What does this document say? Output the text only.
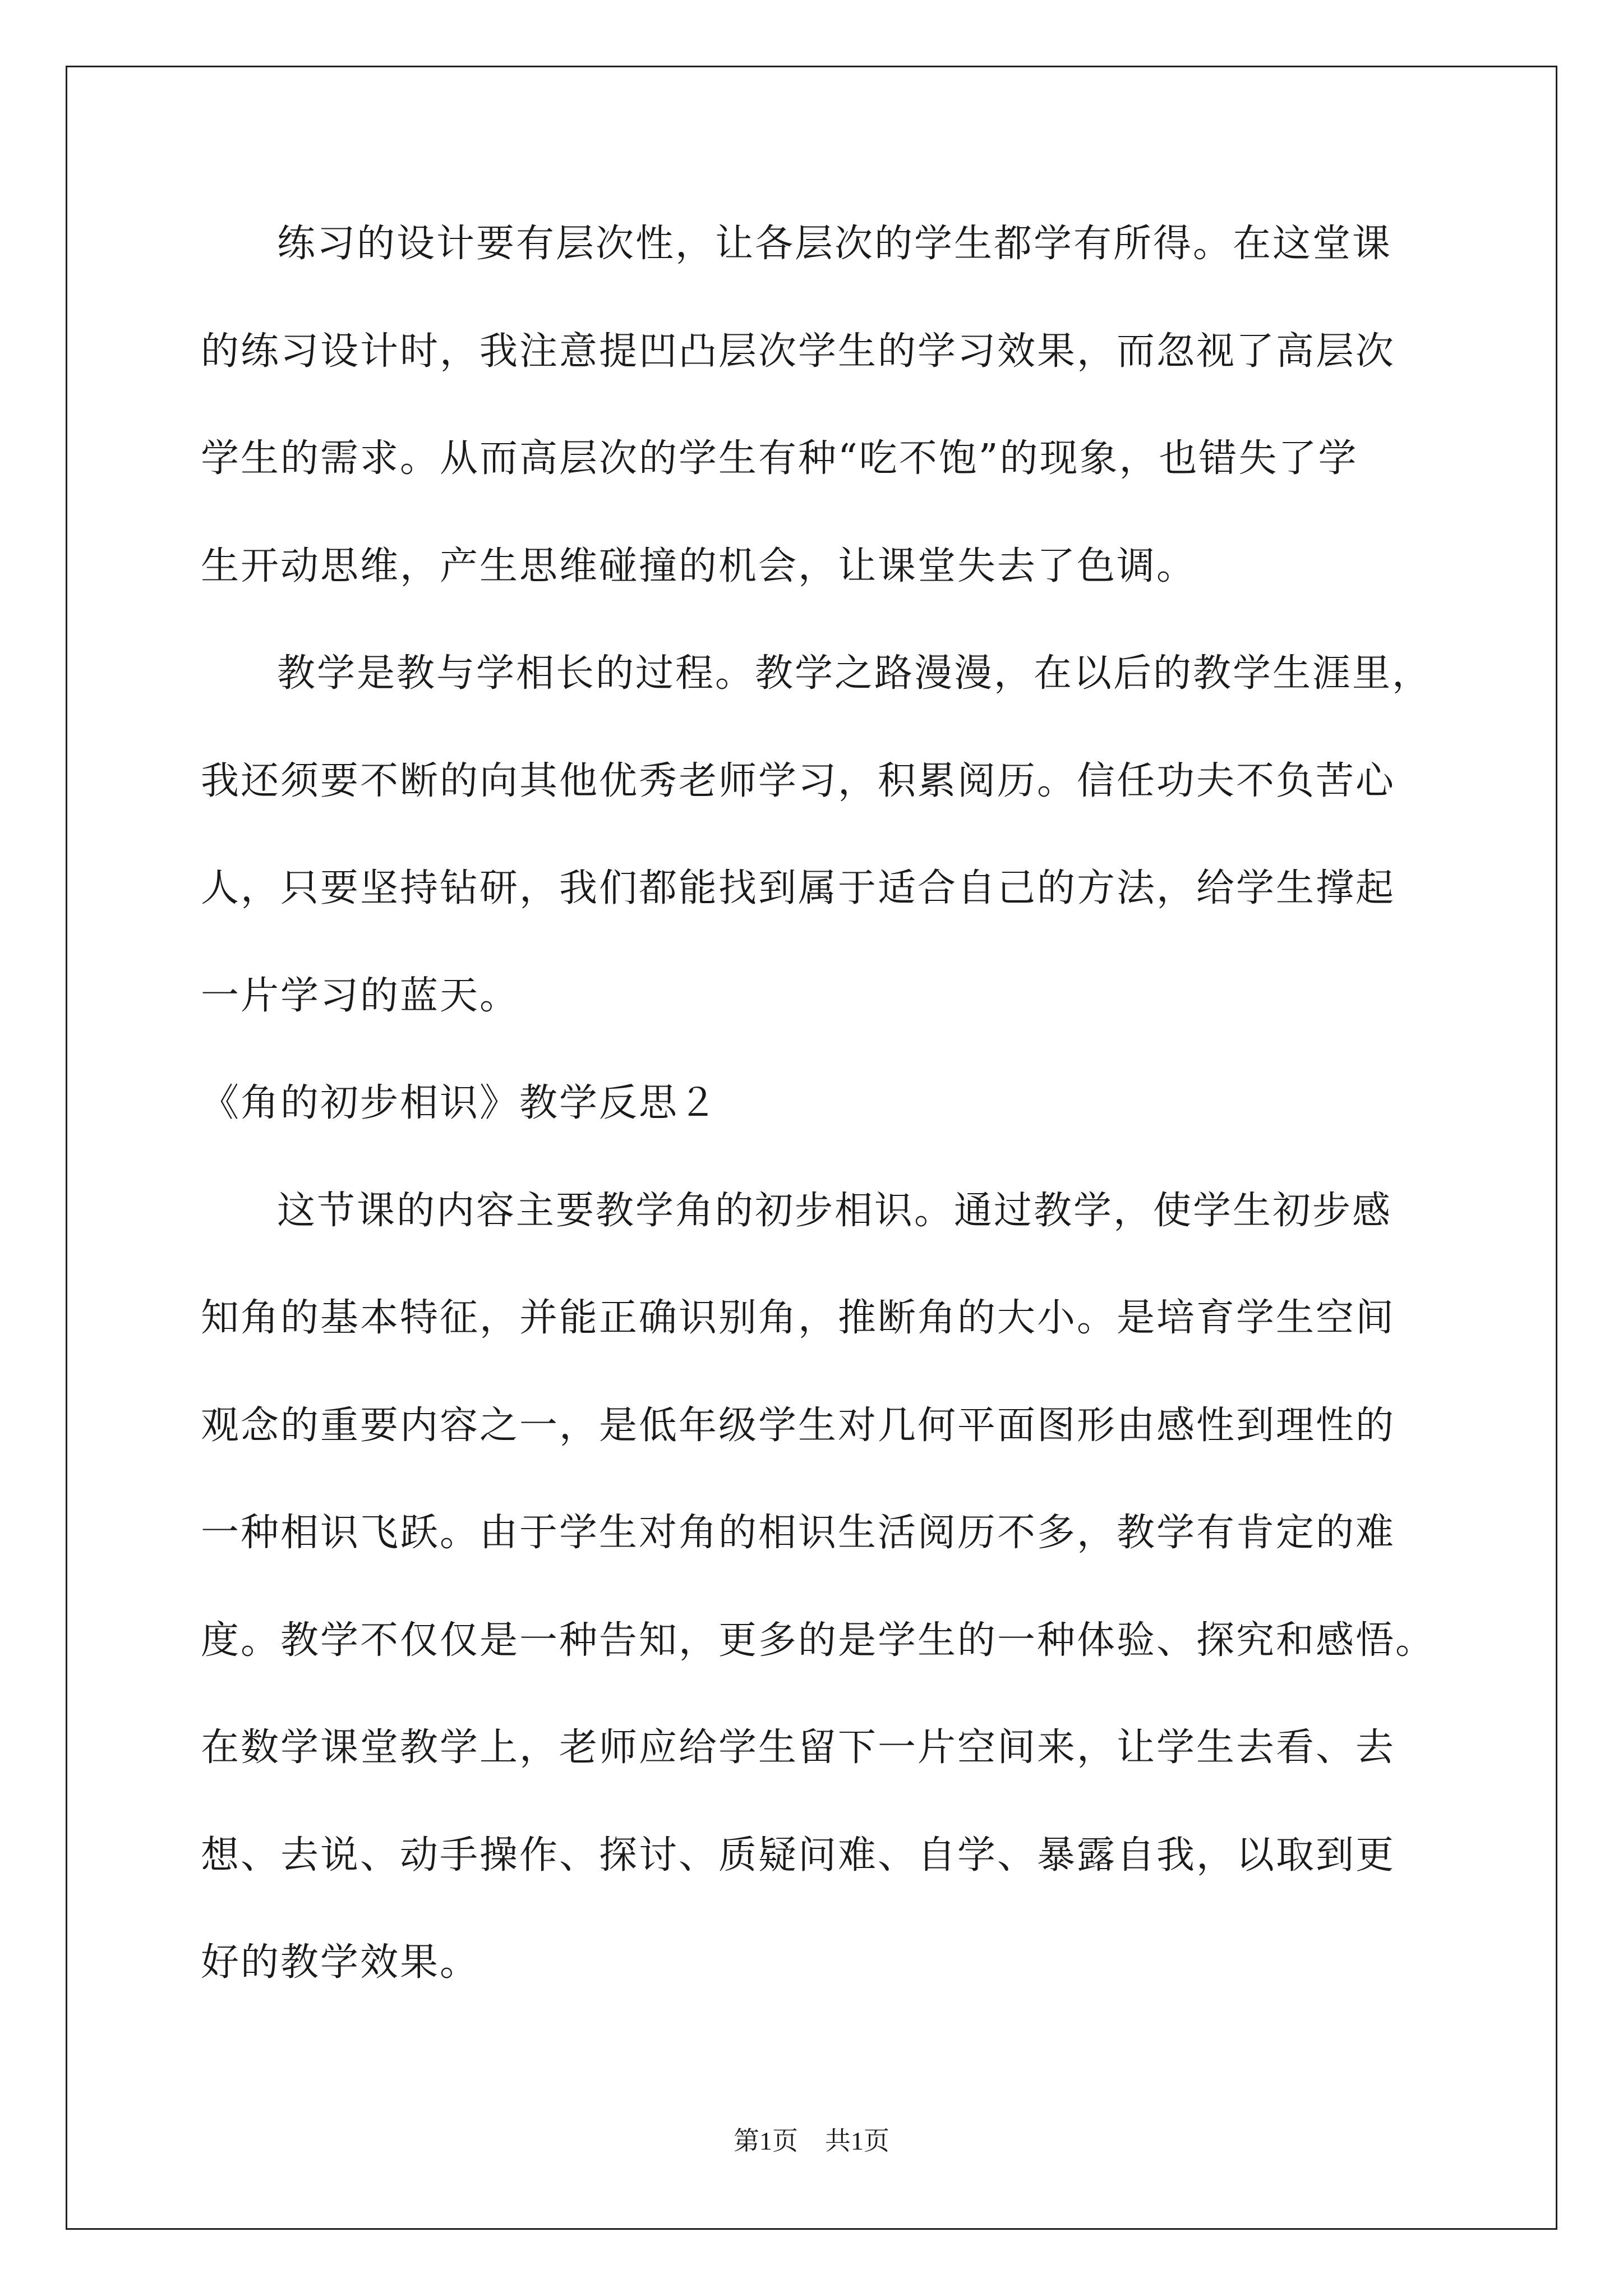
练习的设计要有层次性，让各层次的学生都学有所得。在这堂课
的练习设计时，我注意提凹凸层次学生的学习效果，而忽视了高层次
学生的需求。从而高层次的学生有种“吃不饱”的现象，也错失了学
生开动思维，产生思维碰撞的机会，让课堂失去了色调。
教学是教与学相长的过程。教学之路漫漫，在以后的教学生涯里，
我还须要不断的向其他优秀老师学习，积累阅历。信任功夫不负苦心
人，只要坚持钻研，我们都能找到属于适合自己的方法，给学生撑起
一片学习的蓝天。
《角的初步相识》教学反思２
这节课的内容主要教学角的初步相识。通过教学，使学生初步感
知角的基本特征，并能正确识别角，推断角的大小。是培育学生空间
观念的重要内容之一，是低年级学生对几何平面图形由感性到理性的
一种相识飞跃。由于学生对角的相识生活阅历不多，教学有肯定的难
度。教学不仅仅是一种告知，更多的是学生的一种体验、探究和感悟。
在数学课堂教学上，老师应给学生留下一片空间来，让学生去看、去
想、去说、动手操作、探讨、质疑问难、自学、暴露自我，以取到更
好的教学效果。
第1页 共1页
